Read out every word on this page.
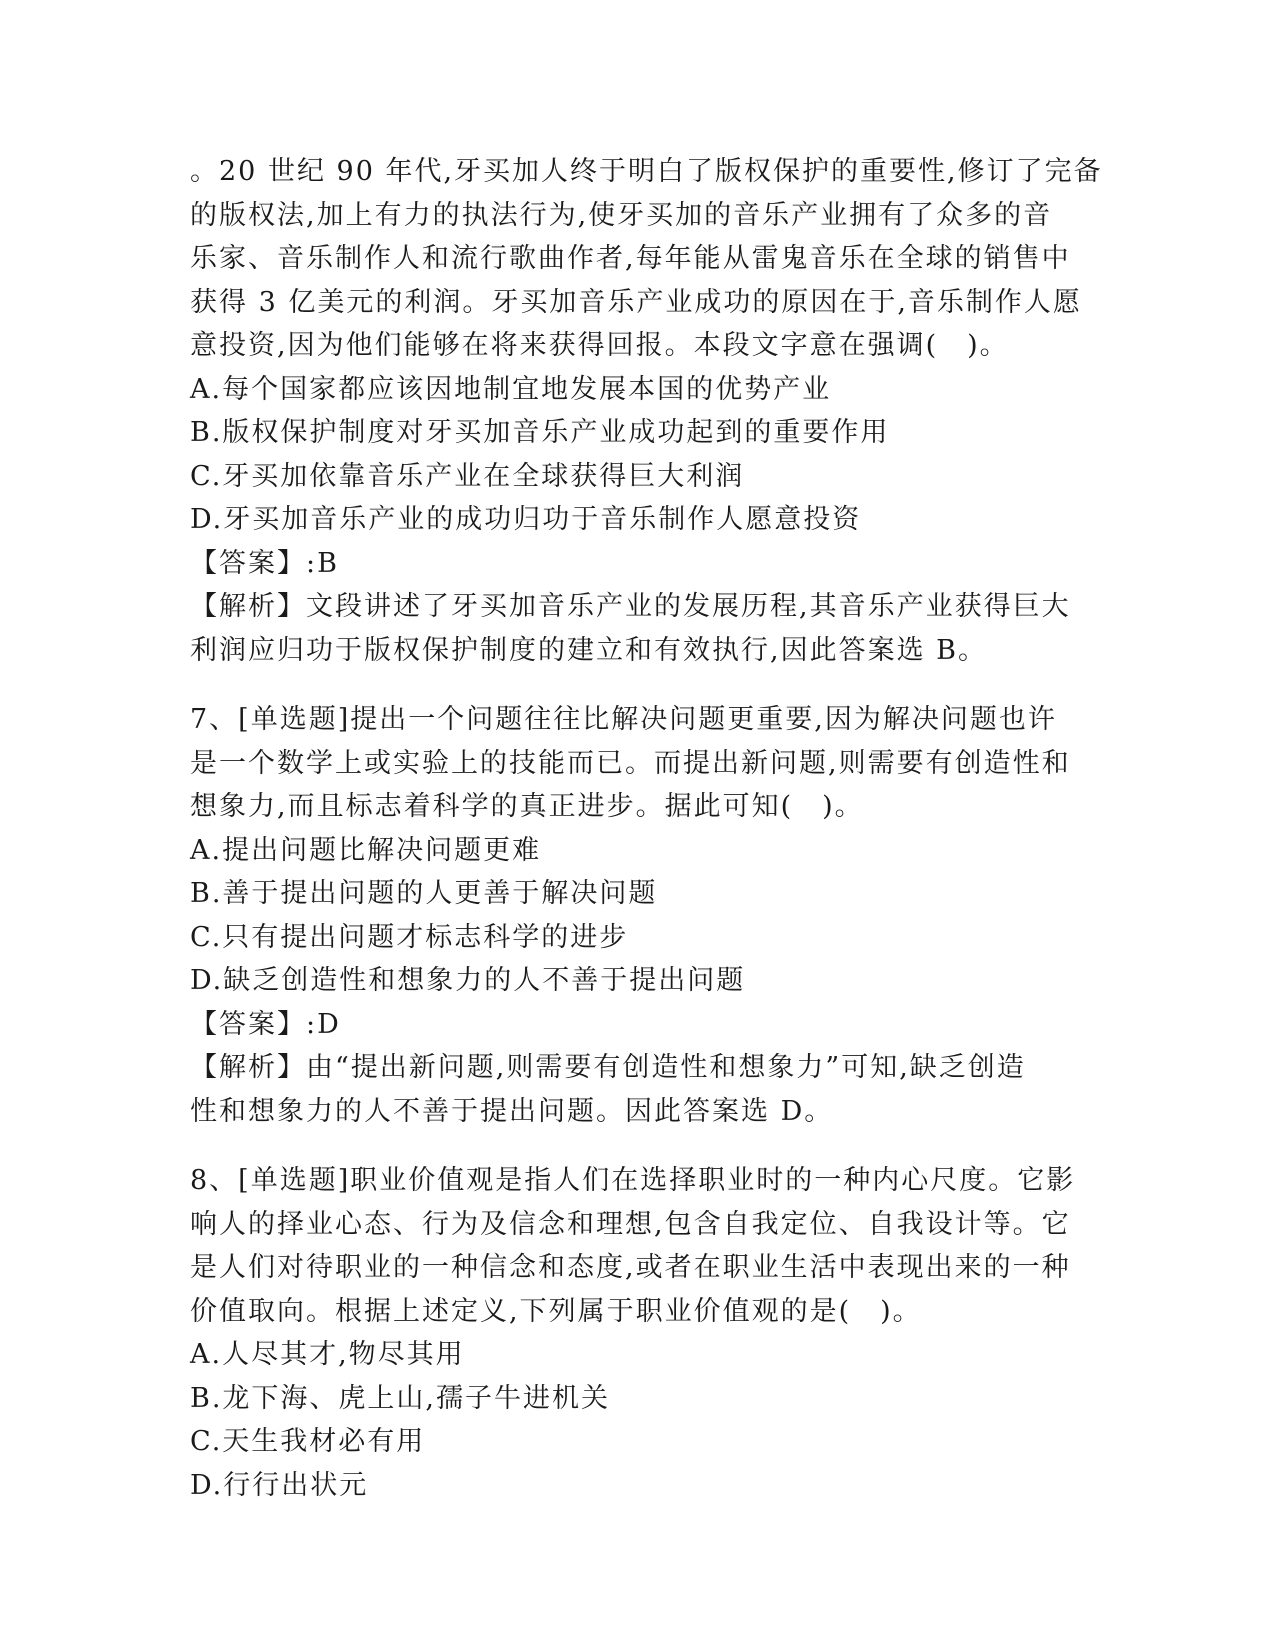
。20 世纪 90 年代,牙买加人终于明白了版权保护的重要性,修订了完备
的版权法,加上有力的执法行为,使牙买加的音乐产业拥有了众多的音
乐家、音乐制作人和流行歌曲作者,每年能从雷鬼音乐在全球的销售中
获得 3 亿美元的利润。牙买加音乐产业成功的原因在于,音乐制作人愿
意投资,因为他们能够在将来获得回报。本段文字意在强调(　)。
A.每个国家都应该因地制宜地发展本国的优势产业
B.版权保护制度对牙买加音乐产业成功起到的重要作用
C.牙买加依靠音乐产业在全球获得巨大利润
D.牙买加音乐产业的成功归功于音乐制作人愿意投资
【答案】:B
【解析】文段讲述了牙买加音乐产业的发展历程,其音乐产业获得巨大
利润应归功于版权保护制度的建立和有效执行,因此答案选 B。
7、[单选题]提出一个问题往往比解决问题更重要,因为解决问题也许
是一个数学上或实验上的技能而已。而提出新问题,则需要有创造性和
想象力,而且标志着科学的真正进步。据此可知(　)。
A.提出问题比解决问题更难
B.善于提出问题的人更善于解决问题
C.只有提出问题才标志科学的进步
D.缺乏创造性和想象力的人不善于提出问题
【答案】:D
【解析】由“提出新问题,则需要有创造性和想象力”可知,缺乏创造
性和想象力的人不善于提出问题。因此答案选 D。
8、[单选题]职业价值观是指人们在选择职业时的一种内心尺度。它影
响人的择业心态、行为及信念和理想,包含自我定位、自我设计等。它
是人们对待职业的一种信念和态度,或者在职业生活中表现出来的一种
价值取向。根据上述定义,下列属于职业价值观的是(　)。
A.人尽其才,物尽其用
B.龙下海、虎上山,孺子牛进机关
C.天生我材必有用
D.行行出状元
